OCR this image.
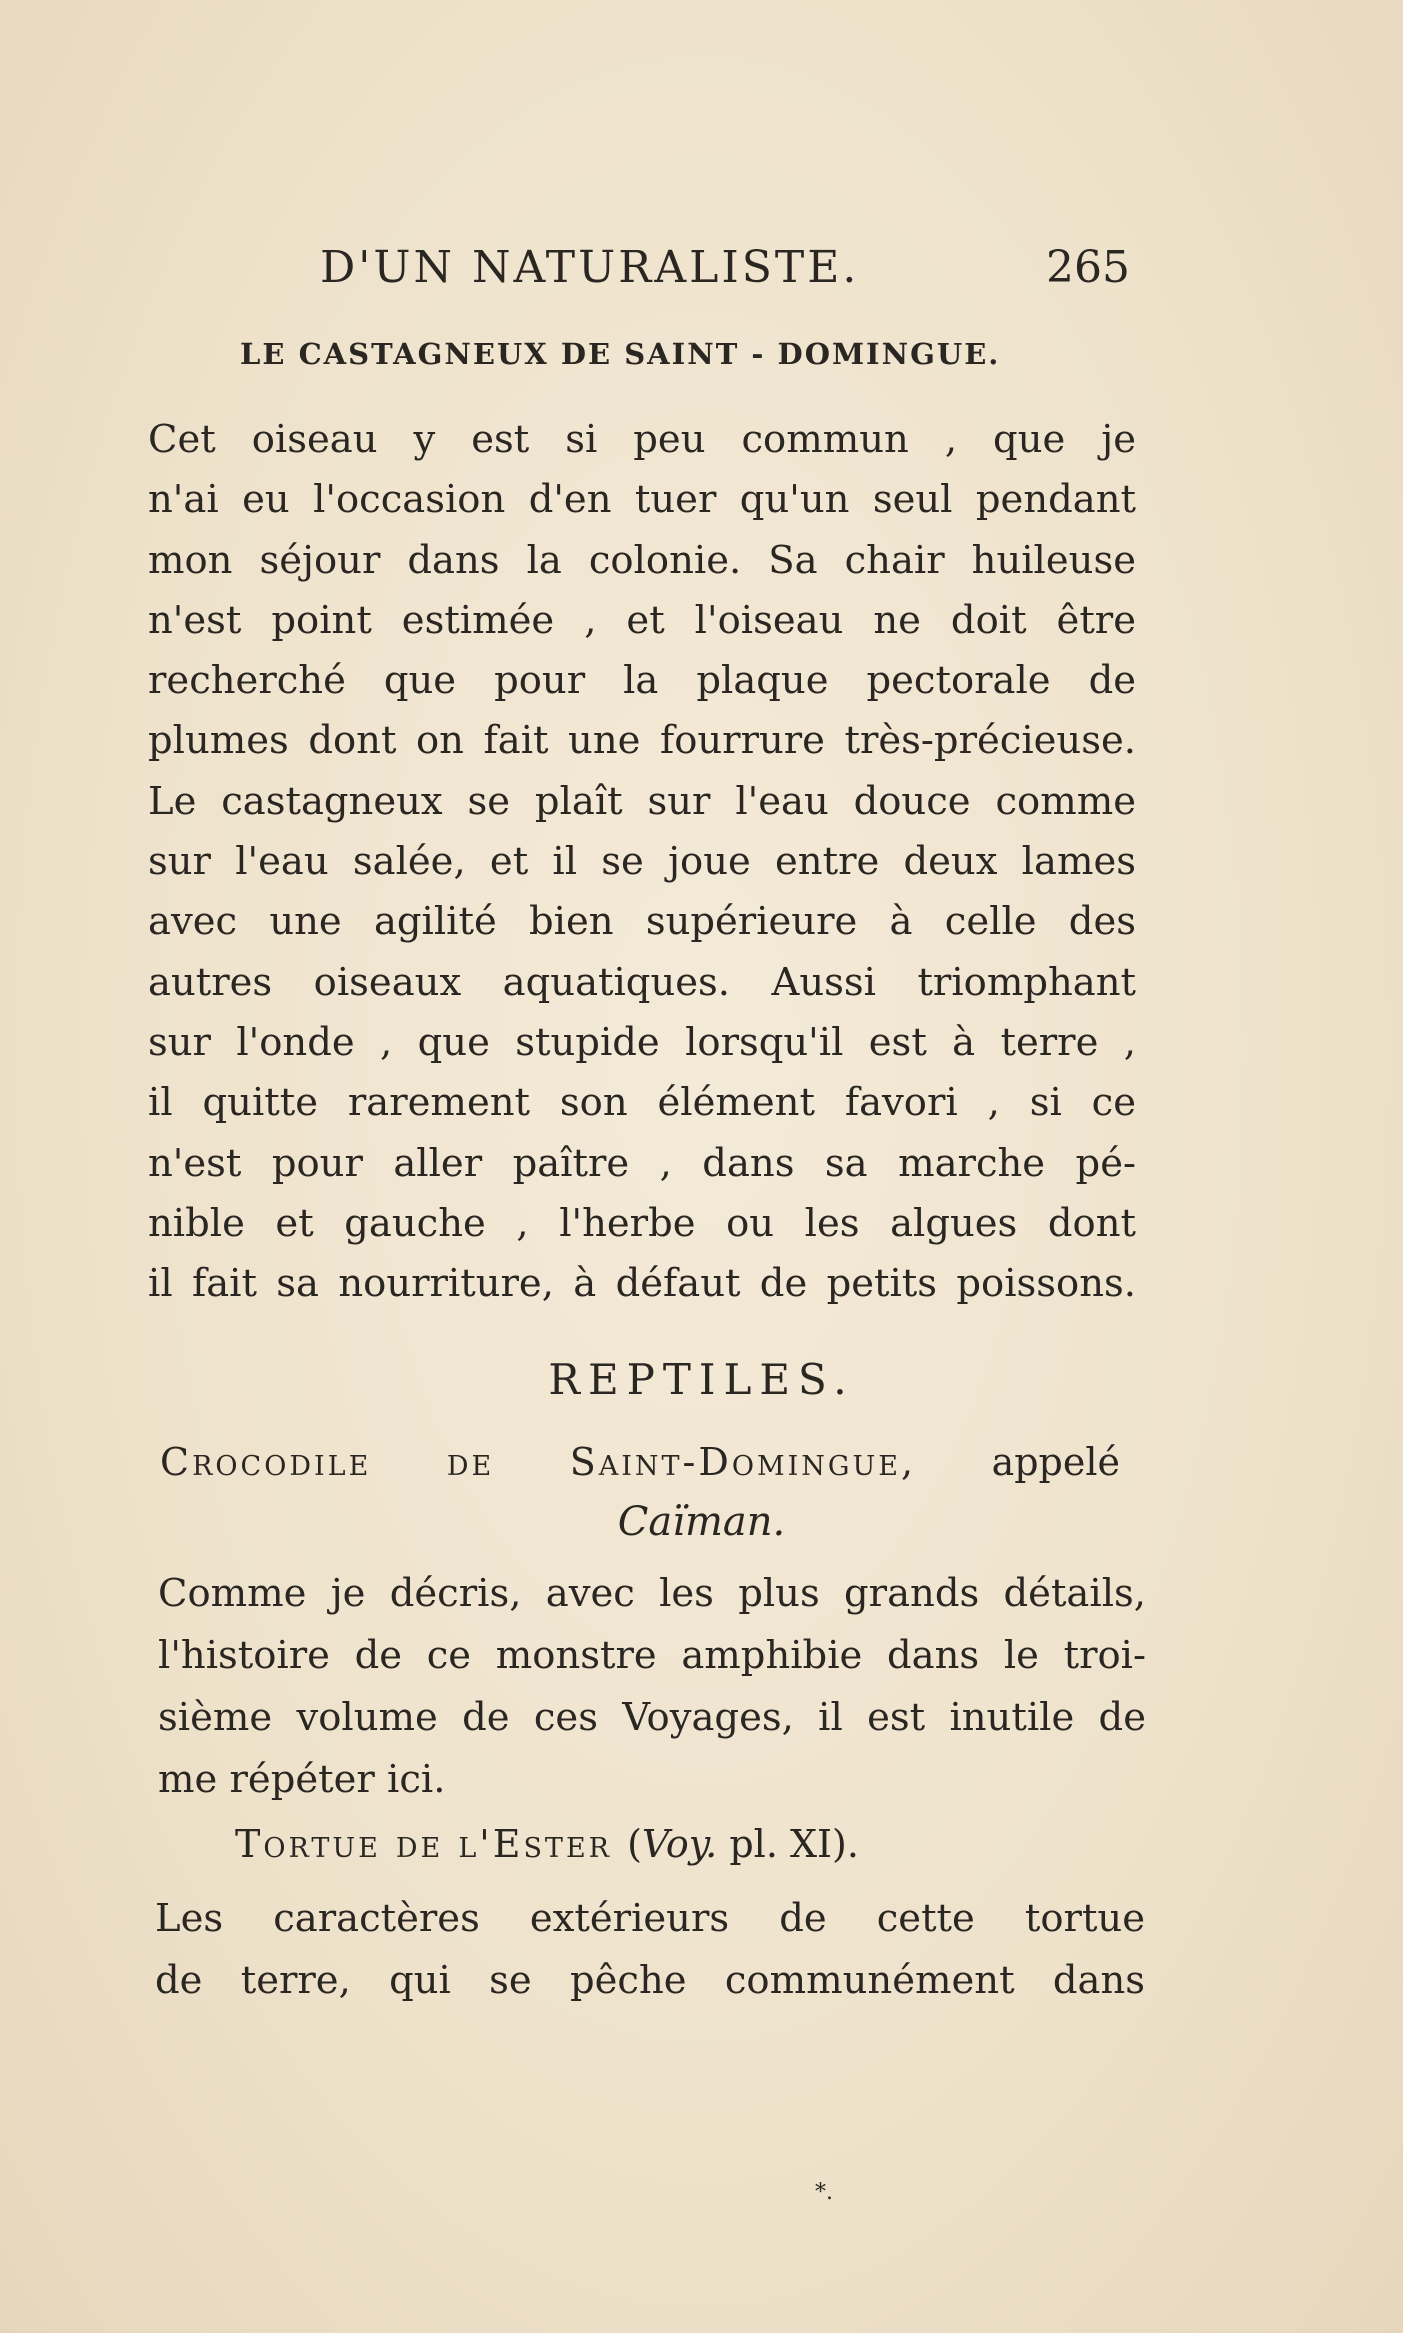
D'UN NATURALISTE.	265
LE CASTAGNEUX DE SAINT - DOMINGUE.
Cet oiseau y est si peu commun , que je
n'ai eu l'occasion d'en tuer qu'un seul pendant
mon séjour dans la colonie. Sa chair huileuse
n'est point estimée , et l'oiseau ne doit être
recherché que pour la plaque pectorale de
plumes dont on fait une fourrure très-précieuse.
Le castagneux se plaît sur l'eau douce comme
sur l'eau salée, et il se joue entre deux lames
avec une agilité bien supérieure à celle des
autres oiseaux aquatiques. Aussi triomphant
sur l'onde , que stupide lorsqu'il est à terre ,
il quitte rarement son élément favori , si ce
n'est pour aller paître , dans sa marche pé-
nible et gauche , l'herbe ou les algues dont
il fait sa nourriture, à défaut de petits poissons.
REPTILES.
Crocodile de Saint-Domingue, appelé
Caïman.
Comme je décris, avec les plus grands détails,
l'histoire de ce monstre amphibie dans le troi-
sième volume de ces Voyages, il est inutile de
me répéter ici.
Tortue de l'Ester (Voy. pl. XI).
Les caractères extérieurs de cette tortue
de terre, qui se pêche communément dans
*.
